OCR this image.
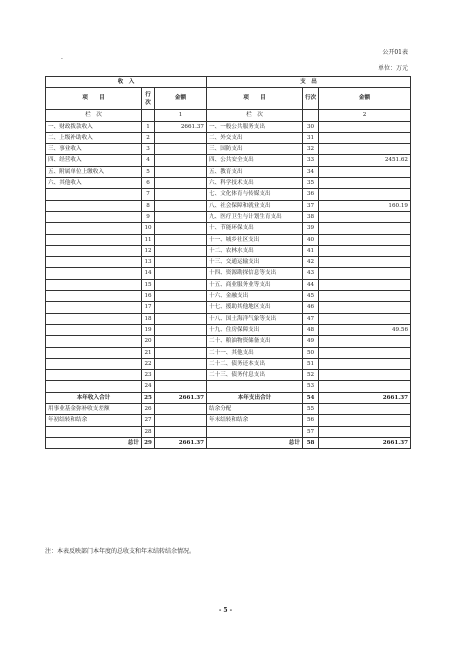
.
公开01表
单位：万元
收　入			支　出		
项　　目	行次	金额	项　　目	行次	金额
栏　次		1	栏　次		2
一、财政拨款收入	1	2661.37	一、一般公共服务支出	30	
二、上级补助收入	2		二、外交支出	31	
三、事业收入	3		三、国防支出	32	
四、经营收入	4		四、公共安全支出	33	2451.62
五、附属单位上缴收入	5		五、教育支出	34	
六、其他收入	6		六、科学技术支出	35	
	7		七、文化体育与传媒支出	36	
	8		八、社会保障和就业支出	37	160.19
	9		九、医疗卫生与计划生育支出	38	
	10		十、节能环保支出	39	
	11		十一、城乡社区支出	40	
	12		十二、农林水支出	41	
	13		十三、交通运输支出	42	
	14		十四、资源勘探信息等支出	43	
	15		十五、商业服务业等支出	44	
	16		十六、金融支出	45	
	17		十七、援助其他地区支出	46	
	18		十八、国土海洋气象等支出	47	
	19		十九、住房保障支出	48	49.56
	20		二十、粮油物资储备支出	49	
	21		二十一、其他支出	50	
	22		二十二、债务还本支出	51	
	23		二十三、债务付息支出	52	
	24			53	
本年收入合计	25	2661.37	本年支出合计	54	2661.37
用事业基金弥补收支差额	26		结余分配	55	
年初结转和结余	27		年末结转和结余	56	
	28			57	
总计	29	2661.37	总计	58	2661.37
注：本表反映部门本年度的总收支和年末结转结余情况。
- 5 -
